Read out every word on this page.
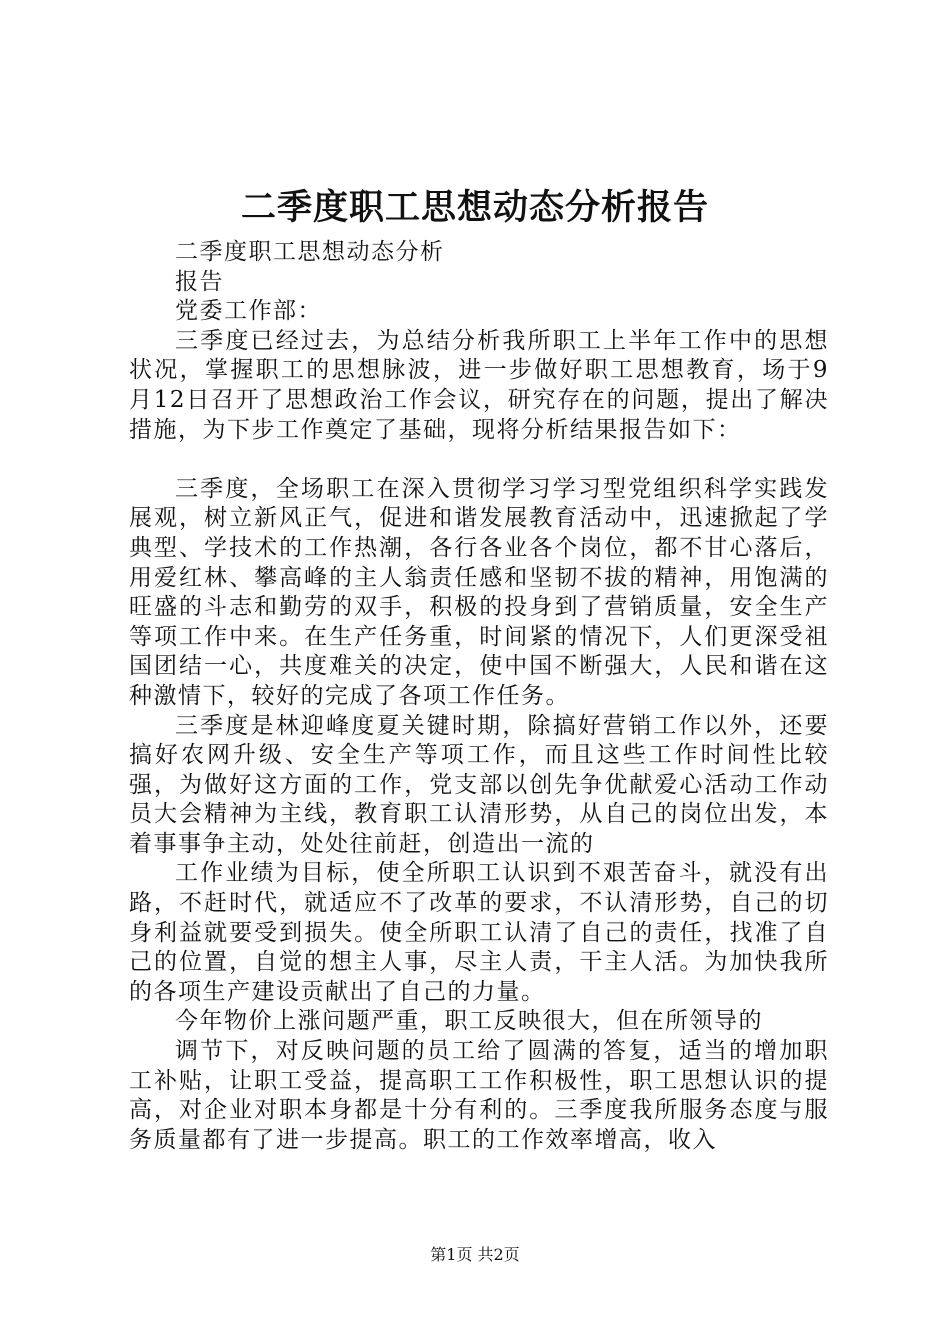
二季度职工思想动态分析报告

二季度职工思想动态分析

报告

党委工作部：

三季度已经过去，为总结分析我所职工上半年工作中的思想状况，掌握职工的思想脉波，进一步做好职工思想教育，场于9月12日召开了思想政治工作会议，研究存在的问题，提出了解决措施，为下步工作奠定了基础，现将分析结果报告如下：

三季度，全场职工在深入贯彻学习学习型党组织科学实践发展观，树立新风正气，促进和谐发展教育活动中，迅速掀起了学典型、学技术的工作热潮，各行各业各个岗位，都不甘心落后，用爱红林、攀高峰的主人翁责任感和坚韧不拔的精神，用饱满的旺盛的斗志和勤劳的双手，积极的投身到了营销质量，安全生产等项工作中来。在生产任务重，时间紧的情况下，人们更深受祖国团结一心，共度难关的决定，使中国不断强大，人民和谐在这种激情下，较好的完成了各项工作任务。

三季度是林迎峰度夏关键时期，除搞好营销工作以外，还要搞好农网升级、安全生产等项工作，而且这些工作时间性比较强，为做好这方面的工作，党支部以创先争优献爱心活动工作动员大会精神为主线，教育职工认清形势，从自己的岗位出发，本着事事争主动，处处往前赶，创造出一流的

工作业绩为目标，使全所职工认识到不艰苦奋斗，就没有出路，不赶时代，就适应不了改革的要求，不认清形势，自己的切身利益就要受到损失。使全所职工认清了自己的责任，找准了自己的位置，自觉的想主人事，尽主人责，干主人活。为加快我所的各项生产建设贡献出了自己的力量。

今年物价上涨问题严重，职工反映很大，但在所领导的

调节下，对反映问题的员工给了圆满的答复，适当的增加职工补贴，让职工受益，提高职工工作积极性，职工思想认识的提高，对企业对职本身都是十分有利的。三季度我所服务态度与服务质量都有了进一步提高。职工的工作效率增高，收入

第1页 共2页
